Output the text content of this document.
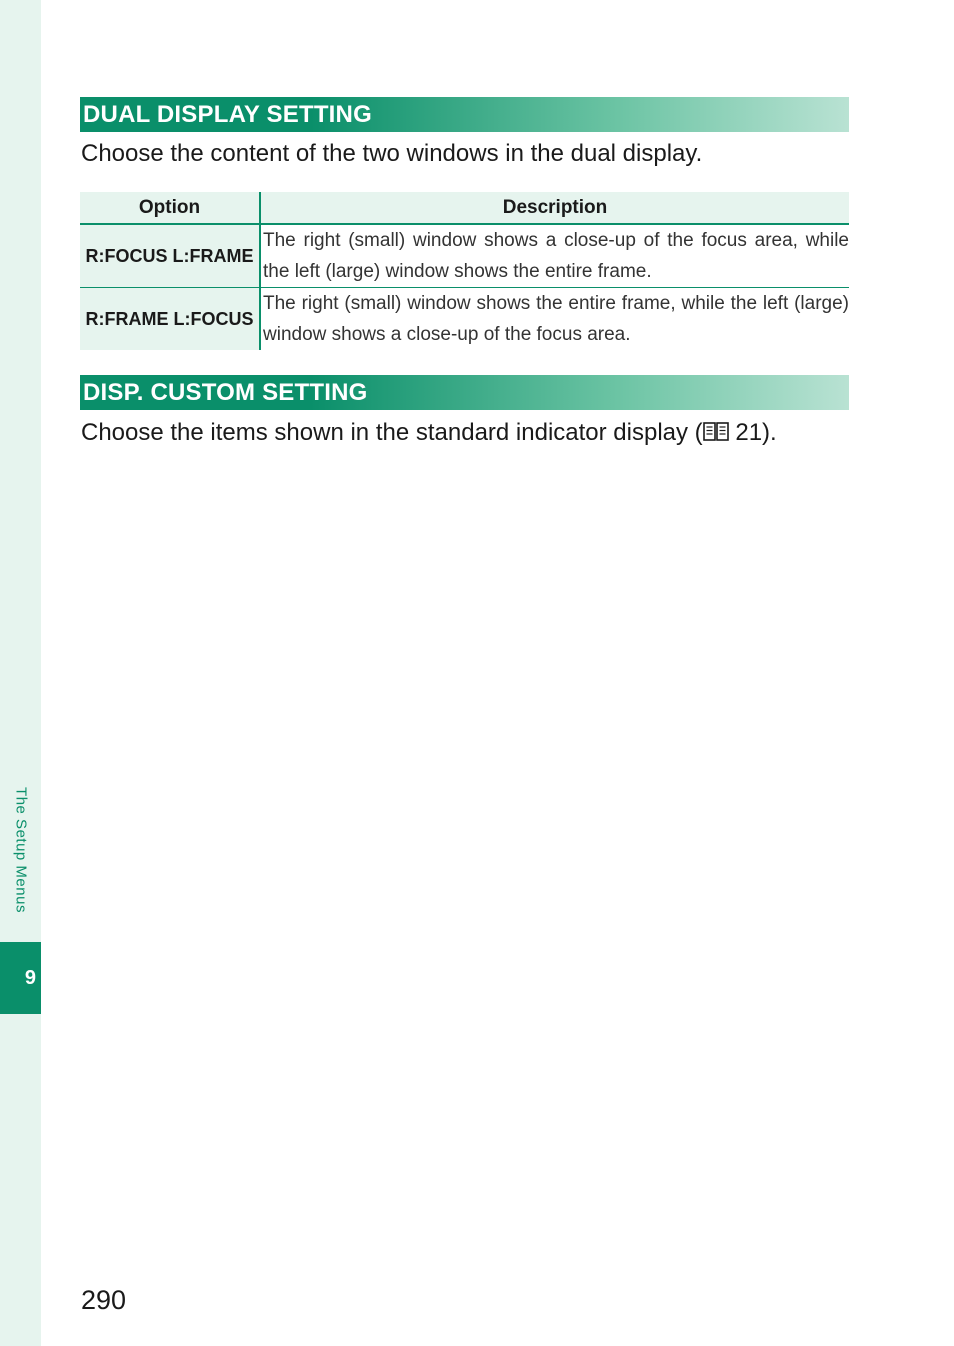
The Setup Menus
9
DUAL DISPLAY SETTING
Choose the content of the two windows in the dual display.
Option	Description
R:FOCUS L:FRAME	The right (small) window shows a close-up of the focus area, while the left (large) window shows the entire frame.
R:FRAME L:FOCUS	The right (small) window shows the entire frame, while the left (large) window shows a close-up of the focus area.
DISP. CUSTOM SETTING
Choose the items shown in the standard indicator display ( 21).
290
